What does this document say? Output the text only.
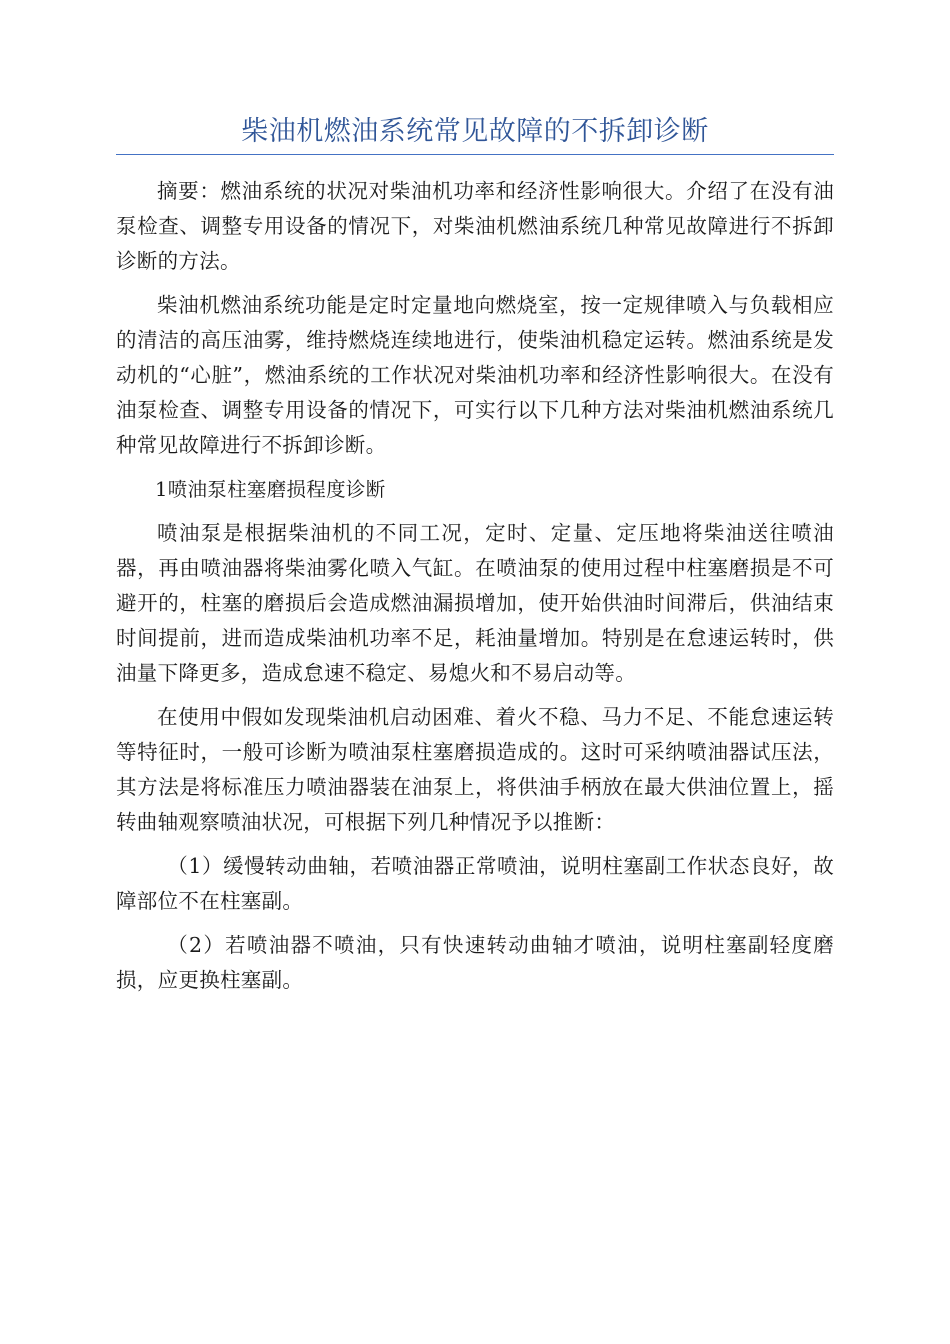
柴油机燃油系统常见故障的不拆卸诊断

摘要：燃油系统的状况对柴油机功率和经济性影响很大。介绍了在没有油泵检查、调整专用设备的情况下，对柴油机燃油系统几种常见故障进行不拆卸诊断的方法。

柴油机燃油系统功能是定时定量地向燃烧室，按一定规律喷入与负载相应的清洁的高压油雾，维持燃烧连续地进行，使柴油机稳定运转。燃油系统是发动机的“心脏”，燃油系统的工作状况对柴油机功率和经济性影响很大。在没有油泵检查、调整专用设备的情况下，可实行以下几种方法对柴油机燃油系统几种常见故障进行不拆卸诊断。

1喷油泵柱塞磨损程度诊断

喷油泵是根据柴油机的不同工况，定时、定量、定压地将柴油送往喷油器，再由喷油器将柴油雾化喷入气缸。在喷油泵的使用过程中柱塞磨损是不可避开的，柱塞的磨损后会造成燃油漏损增加，使开始供油时间滞后，供油结束时间提前，进而造成柴油机功率不足，耗油量增加。特别是在怠速运转时，供油量下降更多，造成怠速不稳定、易熄火和不易启动等。

在使用中假如发现柴油机启动困难、着火不稳、马力不足、不能怠速运转等特征时，一般可诊断为喷油泵柱塞磨损造成的。这时可采纳喷油器试压法，其方法是将标准压力喷油器装在油泵上，将供油手柄放在最大供油位置上，摇转曲轴观察喷油状况，可根据下列几种情况予以推断：

（1）缓慢转动曲轴，若喷油器正常喷油，说明柱塞副工作状态良好，故障部位不在柱塞副。

（2）若喷油器不喷油，只有快速转动曲轴才喷油，说明柱塞副轻度磨损，应更换柱塞副。
